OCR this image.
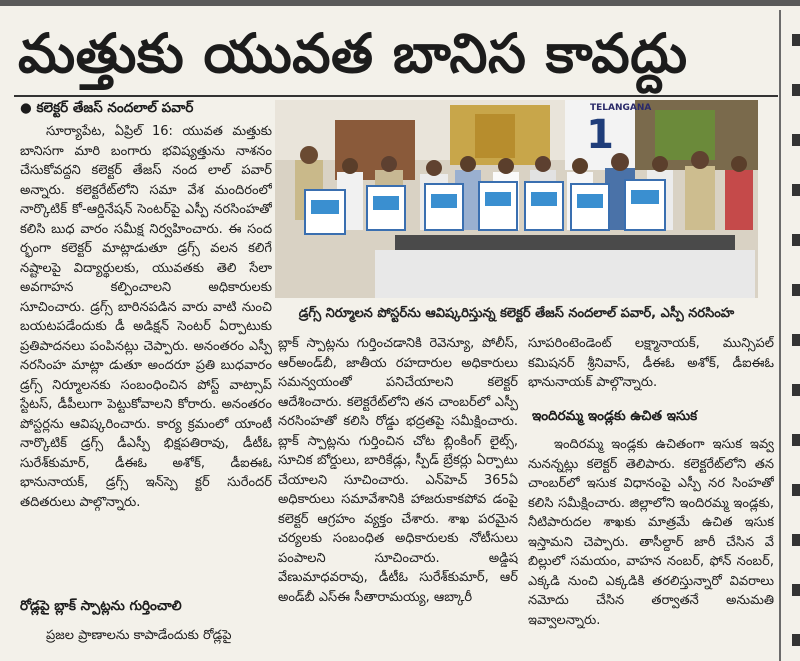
మత్తుకు యువత బానిస కావద్దు
● కలెక్టర్ తేజస్ నందలాల్ పవార్

సూర్యాపేట, ఏప్రిల్ 16: యువత మత్తుకు బానిసగా మారి బంగారు భవిష్యత్తును నాశనం చేసుకోవద్దని కలెక్టర్ తేజస్ నంద లాల్ పవార్ అన్నారు. కలెక్టరేట్‌లోని సమా వేశ మందిరంలో నార్కొటిక్ కో-ఆర్డినేషన్ సెంటర్‌పై ఎస్పీ నరసింహతో కలిసి బుధ వారం సమీక్ష నిర్వహించారు. ఈ సంద ర్భంగా కలెక్టర్ మాట్లాడుతూ డ్రగ్స్ వలన కలిగే నష్టాలపై విద్యార్థులకు, యువతకు తెలి సేలా అవగాహన కల్పించాలని అధికారులకు సూచించారు. డ్రగ్స్ బారినపడిన వారు వాటి నుంచి బయటపడేందుకు డీ అడిక్షన్ సెంటర్ ఏర్పాటుకు ప్రతిపాదనలు పంపినట్లు చెప్పారు. అనంతరం ఎస్పీ నరసింహ మాట్లా డుతూ అందరూ ప్రతి బుధవారం డ్రగ్స్ నిర్మూలనకు సంబంధించిన పోస్ట్ వాట్సాప్ స్టేటస్, డీపీలుగా పెట్టుకోవాలని కోరారు. అనంతరం పోస్టర్లను ఆవిష్కరించారు. కార్య క్రమంలో యాంటీ నార్కొటిక్ డ్రగ్స్ డీఎస్పీ భిక్షపతిరావు, డీటీఓ సురేశ్‌కుమార్, డీఈఓ అశోక్, డీఐఈఓ భానునాయక్, డ్రగ్స్ ఇన్‌స్పె క్టర్ సురేందర్ తదితరులు పాల్గొన్నారు.

రోడ్లపై బ్లాక్ స్పాట్లను గుర్తించాలి

ప్రజల ప్రాణాలను కాపాడేందుకు రోడ్లపై

1
TELANGANA
డ్రగ్స్ నిర్మూలన పోస్టర్‌ను ఆవిష్కరిస్తున్న కలెక్టర్ తేజస్ నందలాల్ పవార్, ఎస్పీ నరసింహ

బ్లాక్ స్పాట్లను గుర్తించడానికి రెవెన్యూ, పోలీస్, ఆర్‌అండ్‌బీ, జాతీయ రహదారుల అధికారులు సమన్వయంతో పనిచేయాలని కలెక్టర్ ఆదేశించారు. కలెక్టరేట్‌లోని తన చాంబర్‌లో ఎస్పీ నరసింహతో కలిసి రోడ్డు భద్రతపై సమీక్షించారు. బ్లాక్ స్పాట్లను గుర్తించిన చోట బ్లింకింగ్ లైట్స్, సూచిక బోర్డులు, బారికేడ్లు, స్పీడ్ బ్రేకర్లు ఏర్పాటు చేయాలని సూచించారు. ఎన్‌హెచ్ 365ఏ అధికారులు సమావేశానికి హాజరుకాకపోవ డంపై కలెక్టర్ ఆగ్రహం వ్యక్తం చేశారు. శాఖ పరమైన చర్యలకు సంబంధిత అధికారులకు నోటీసులు పంపాలని సూచించారు. అడ్డిష వేణుమాధవరావు, డీటీఓ సురేశ్‌కుమార్, ఆర్ అండ్‌బీ ఎస్ఈ సీతారామయ్య, ఆబ్కారీ

సూపరింటెండెంట్ లక్ష్మానాయక్, మున్సిపల్ కమిషనర్ శ్రీనివాస్, డీఈఓ అశోక్, డీఐఈఓ భానునాయక్ పాల్గొన్నారు.

ఇందిరమ్మ ఇండ్లకు ఉచిత ఇసుక

ఇందిరమ్మ ఇండ్లకు ఉచితంగా ఇసుక ఇవ్వ నునన్నట్లు కలెక్టర్ తెలిపారు. కలెక్టరేట్‌లోని తన చాంబర్‌లో ఇసుక విధానంపై ఎస్పీ నర సింహతో కలిసి సమీక్షించారు. జిల్లాలోని ఇందిరమ్మ ఇండ్లకు, నీటిపారుదల శాఖకు మాత్రమే ఉచిత ఇసుక ఇస్తామని చెప్పారు. తాసీల్దార్ జారీ చేసిన వే బిల్లులో సమయం, వాహన నంబర్, ఫోన్ నంబర్, ఎక్కడి నుంచి ఎక్కడికి తరలిస్తున్నారో వివరాలు నమోదు చేసిన తర్వాతనే అనుమతి ఇవ్వాలన్నారు.
